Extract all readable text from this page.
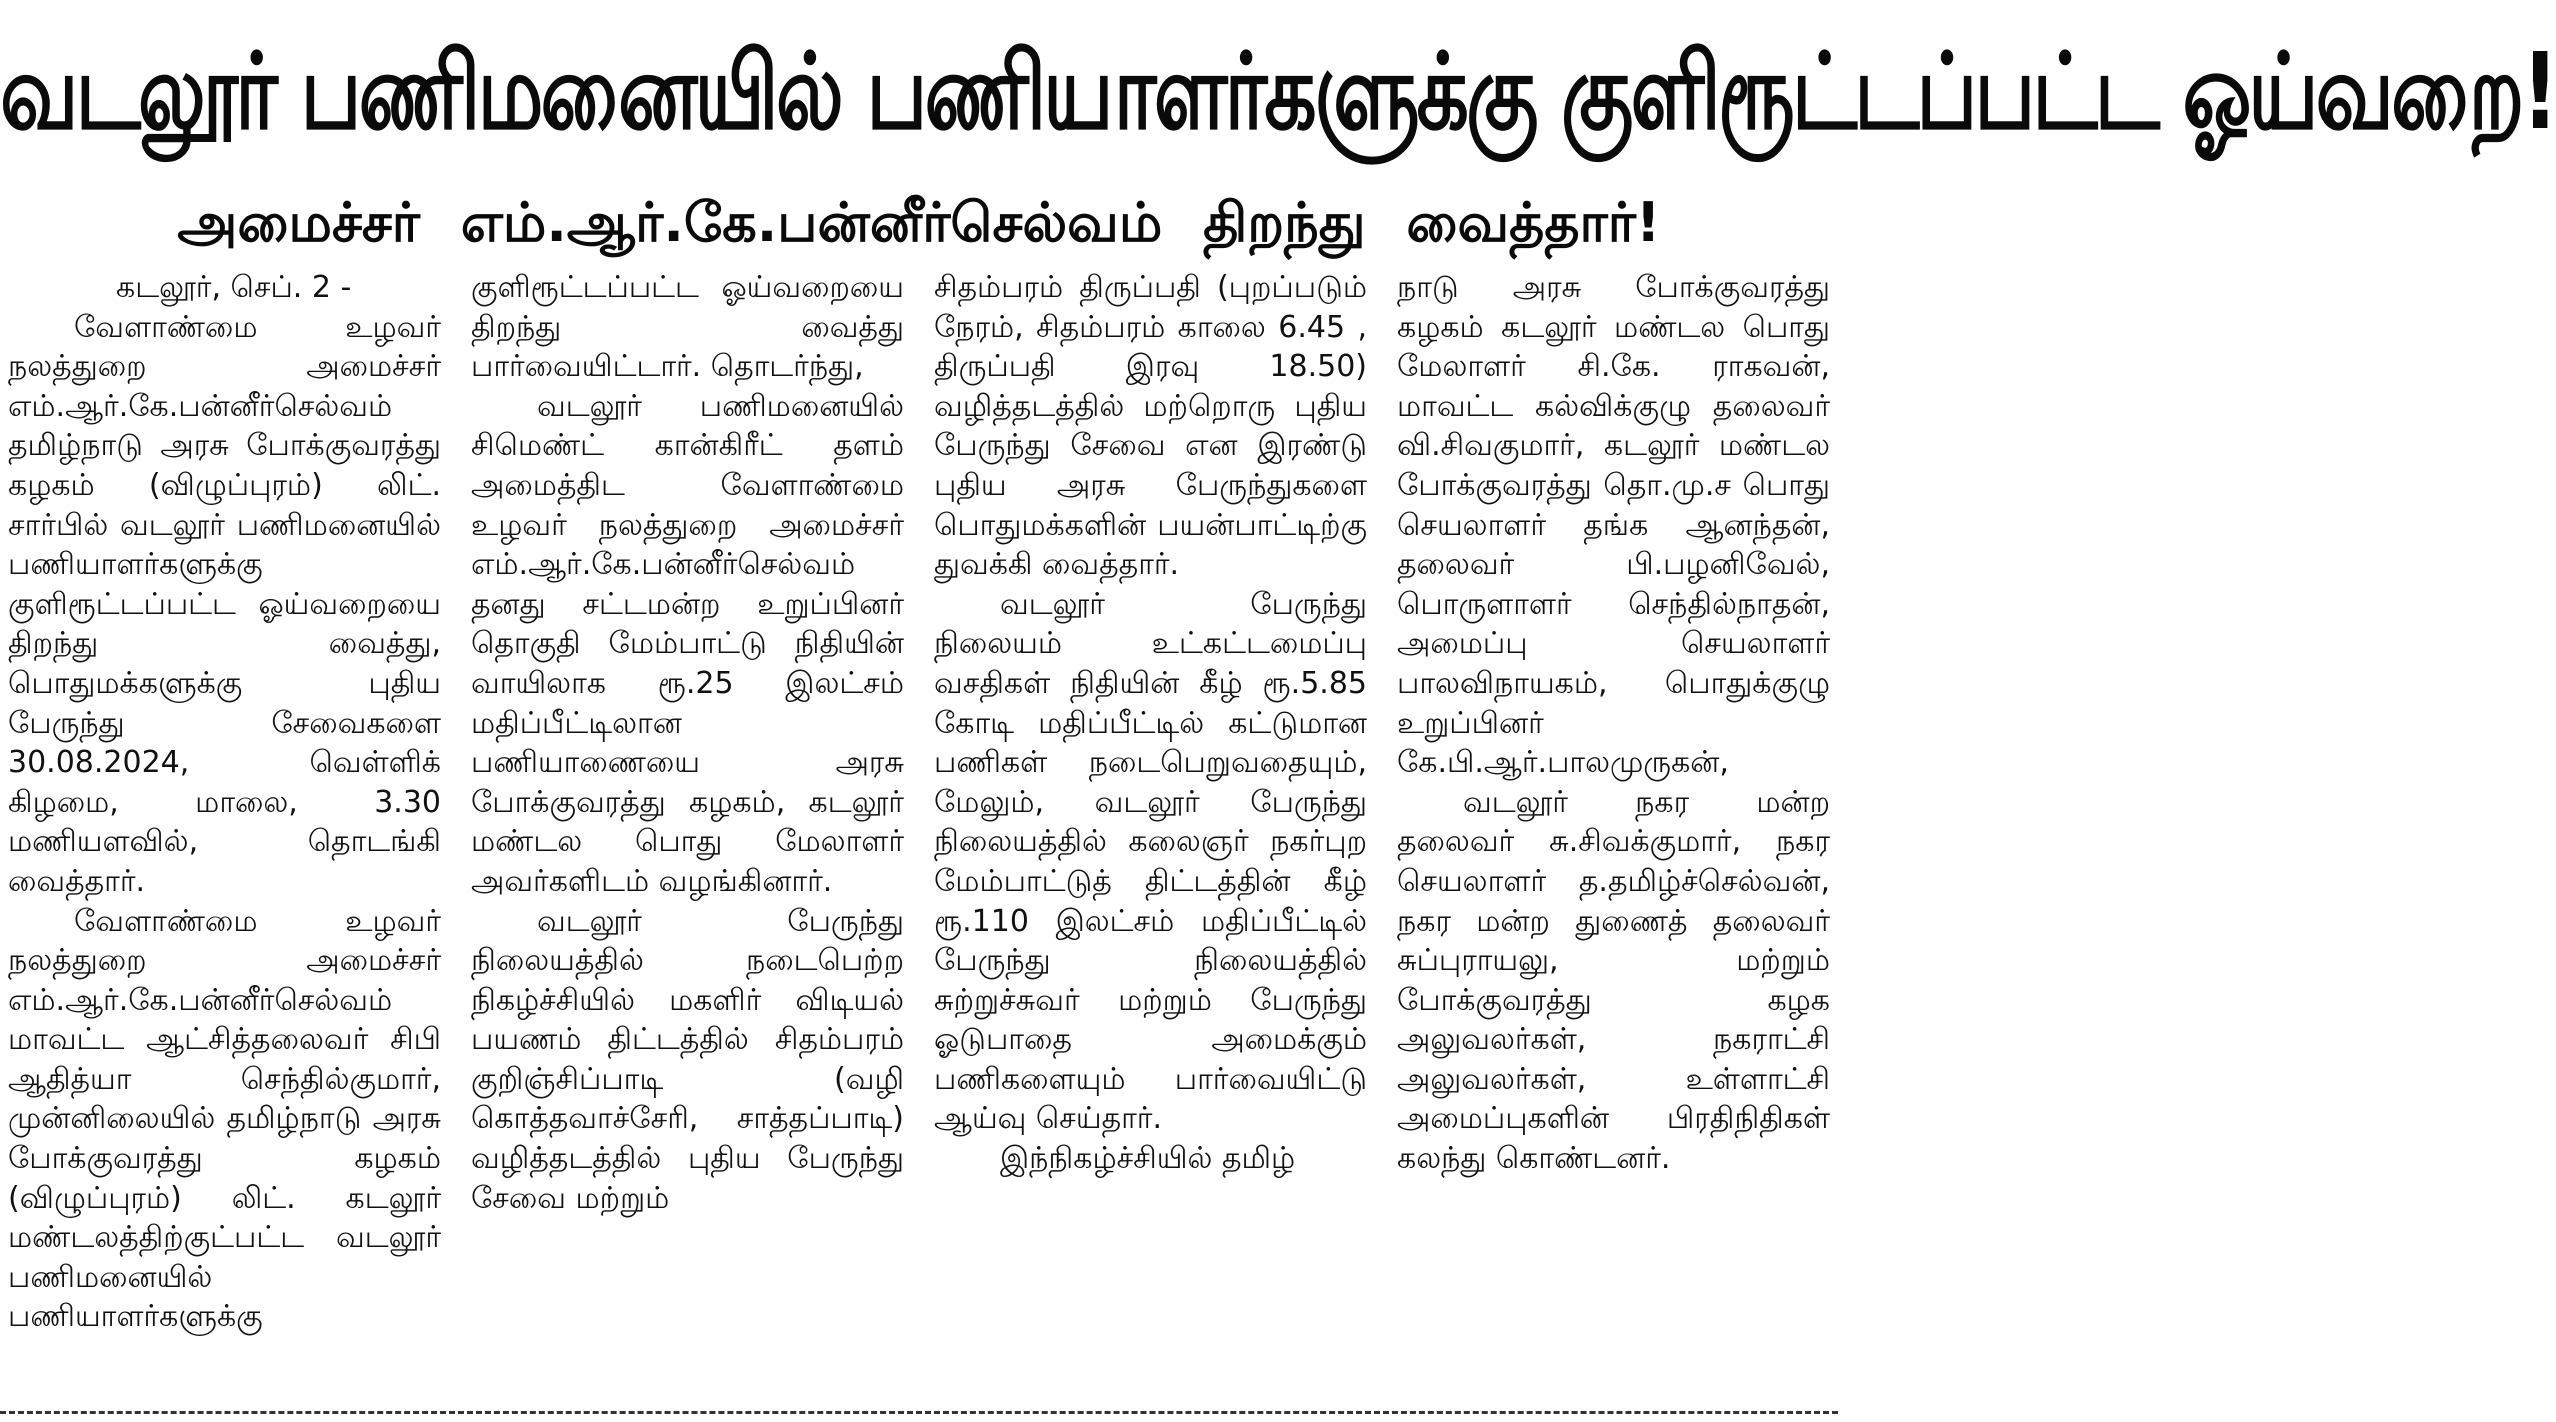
வடலூர் பணிமனையில் பணியாளர்களுக்கு குளிரூட்டப்பட்ட ஓய்வறை!
அமைச்சர் எம்.ஆர்.கே.பன்னீர்செல்வம் திறந்து வைத்தார்!
கடலூர், செப். 2 -

வேளாண்மை உழவர் நலத்துறை அமைச்சர் எம்.ஆர்.கே.பன்னீர்செல்வம் தமிழ்நாடு அரசு போக்குவரத்து கழகம் (விழுப்புரம்) லிட். சார்பில் வடலூர் பணிமனையில் பணியாளர்களுக்கு குளிரூட்டப்பட்ட ஓய்வறையை திறந்து வைத்து, பொதுமக்களுக்கு புதிய பேருந்து சேவைகளை 30.08.2024, வெள்ளிக் கிழமை, மாலை, 3.30 மணியளவில், தொடங்கி வைத்தார்.

வேளாண்மை உழவர் நலத்துறை அமைச்சர் எம்.ஆர்.கே.பன்னீர்செல்வம் மாவட்ட ஆட்சித்தலைவர் சிபி ஆதித்யா செந்தில்குமார், முன்னிலையில் தமிழ்நாடு அரசு போக்குவரத்து கழகம் (விழுப்புரம்) லிட். கடலூர் மண்டலத்திற்குட்பட்ட வடலூர் பணிமனையில் பணியாளர்களுக்கு

குளிரூட்டப்பட்ட ஓய்வறையை திறந்து வைத்து பார்வையிட்டார். தொடர்ந்து,

வடலூர் பணிமனையில் சிமெண்ட் கான்கிரீட் தளம் அமைத்திட வேளாண்மை உழவர் நலத்துறை அமைச்சர் எம்.ஆர்.கே.பன்னீர்செல்வம் தனது சட்டமன்ற உறுப்பினர் தொகுதி மேம்பாட்டு நிதியின் வாயிலாக ரூ.25 இலட்சம் மதிப்பீட்டிலான பணியாணையை அரசு போக்குவரத்து கழகம், கடலூர் மண்டல பொது மேலாளர் அவர்களிடம் வழங்கினார்.

வடலூர் பேருந்து நிலையத்தில் நடைபெற்ற நிகழ்ச்சியில் மகளிர் விடியல் பயணம் திட்டத்தில் சிதம்பரம் குறிஞ்சிப்பாடி (வழி கொத்தவாச்சேரி, சாத்தப்பாடி) வழித்தடத்தில் புதிய பேருந்து சேவை மற்றும்

சிதம்பரம் திருப்பதி (புறப்படும் நேரம், சிதம்பரம் காலை 6.45 , திருப்பதி இரவு 18.50) வழித்தடத்தில் மற்றொரு புதிய பேருந்து சேவை என இரண்டு புதிய அரசு பேருந்துகளை பொதுமக்களின் பயன்பாட்டிற்கு துவக்கி வைத்தார்.

வடலூர் பேருந்து நிலையம் உட்கட்டமைப்பு வசதிகள் நிதியின் கீழ் ரூ.5.85 கோடி மதிப்பீட்டில் கட்டுமான பணிகள் நடைபெறுவதையும், மேலும், வடலூர் பேருந்து நிலையத்தில் கலைஞர் நகர்புற மேம்பாட்டுத் திட்டத்தின் கீழ் ரூ.110 இலட்சம் மதிப்பீட்டில் பேருந்து நிலையத்தில் சுற்றுச்சுவர் மற்றும் பேருந்து ஓடுபாதை அமைக்கும் பணிகளையும் பார்வையிட்டு ஆய்வு செய்தார்.

இந்நிகழ்ச்சியில் தமிழ்

நாடு அரசு போக்குவரத்து கழகம் கடலூர் மண்டல பொது மேலாளர் சி.கே. ராகவன், மாவட்ட கல்விக்குழு தலைவர் வி.சிவகுமார், கடலூர் மண்டல போக்குவரத்து தொ.மு.ச பொது செயலாளர் தங்க ஆனந்தன், தலைவர் பி.பழனிவேல், பொருளாளர் செந்தில்நாதன், அமைப்பு செயலாளர் பாலவிநாயகம், பொதுக்குழு உறுப்பினர் கே.பி.ஆர்.பாலமுருகன்,

வடலூர் நகர மன்ற தலைவர் சு.சிவக்குமார், நகர செயலாளர் த.தமிழ்ச்செல்வன், நகர மன்ற துணைத் தலைவர் சுப்புராயலு, மற்றும் போக்குவரத்து கழக அலுவலர்கள், நகராட்சி அலுவலர்கள், உள்ளாட்சி அமைப்புகளின் பிரதிநிதிகள் கலந்து கொண்டனர்.
